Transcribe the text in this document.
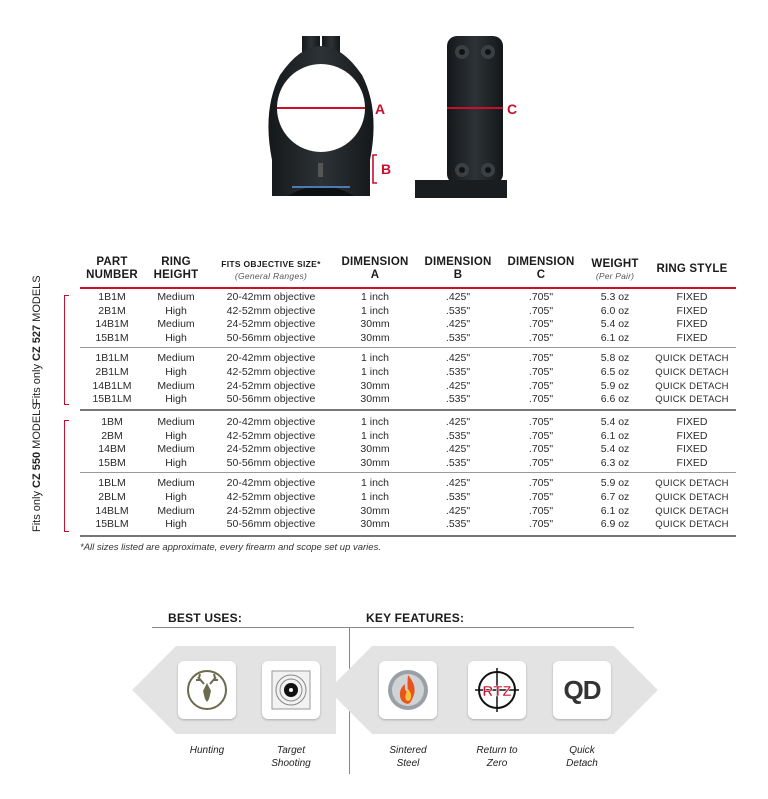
A
B
C
PART
NUMBER
RING
HEIGHT
FITS OBJECTIVE SIZE*
(General Ranges)
DIMENSION
A
DIMENSION
B
DIMENSION
C
WEIGHT
(Per Pair)
RING STYLE
1B1M	Medium	20-42mm objective	1 inch	.425"	.705"	5.3 oz	FIXED
2B1M	High	42-52mm objective	1 inch	.535"	.705"	6.0 oz	FIXED
14B1M	Medium	24-52mm objective	30mm	.425"	.705"	5.4 oz	FIXED
15B1M	High	50-56mm objective	30mm	.535"	.705"	6.1 oz	FIXED
1B1LM	Medium	20-42mm objective	1 inch	.425"	.705"	5.8 oz	QUICK DETACH
2B1LM	High	42-52mm objective	1 inch	.535"	.705"	6.5 oz	QUICK DETACH
14B1LM	Medium	24-52mm objective	30mm	.425"	.705"	5.9 oz	QUICK DETACH
15B1LM	High	50-56mm objective	30mm	.535"	.705"	6.6 oz	QUICK DETACH
1BM	Medium	20-42mm objective	1 inch	.425"	.705"	5.4 oz	FIXED
2BM	High	42-52mm objective	1 inch	.535"	.705"	6.1 oz	FIXED
14BM	Medium	24-52mm objective	30mm	.425"	.705"	5.4 oz	FIXED
15BM	High	50-56mm objective	30mm	.535"	.705"	6.3 oz	FIXED
1BLM	Medium	20-42mm objective	1 inch	.425"	.705"	5.9 oz	QUICK DETACH
2BLM	High	42-52mm objective	1 inch	.535"	.705"	6.7 oz	QUICK DETACH
14BLM	Medium	24-52mm objective	30mm	.425"	.705"	6.1 oz	QUICK DETACH
15BLM	High	50-56mm objective	30mm	.535"	.705"	6.9 oz	QUICK DETACH
Fits only CZ 527 MODELS
Fits only CZ 550 MODELS
*All sizes listed are approximate, every firearm and scope set up varies.
BEST USES:	KEY FEATURES:
RTZ QD
Hunting	Target
Shooting
Sintered
Steel
Return to
Zero
Quick
Detach
